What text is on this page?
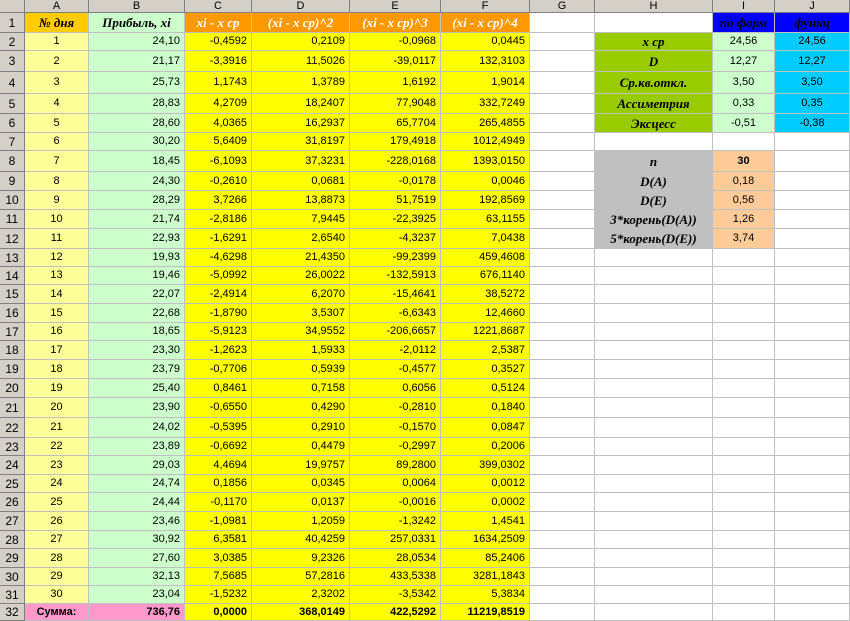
A	B	C	D	E	F	G	H	I	J
1
2
3
4
5
6
7
8
9
10
11
12
13
14
15
16
17
18
19
20
21
22
23
24
25
26
27
28
29
30
31
32
№ дня	Прибыль, xi	xi - x ср	(xi - x ср)^2	(xi - x ср)^3	(xi - x ср)^4	по форм	функц
1	24,10	-0,4592	0,2109	-0,0968	0,0445
2	21,17	-3,3916	11,5026	-39,0117	132,3103
3	25,73	1,1743	1,3789	1,6192	1,9014
4	28,83	4,2709	18,2407	77,9048	332,7249
5	28,60	4,0365	16,2937	65,7704	265,4855
6	30,20	5,6409	31,8197	179,4918	1012,4949
7	18,45	-6,1093	37,3231	-228,0168	1393,0150
8	24,30	-0,2610	0,0681	-0,0178	0,0046
9	28,29	3,7266	13,8873	51,7519	192,8569
10	21,74	-2,8186	7,9445	-22,3925	63,1155
11	22,93	-1,6291	2,6540	-4,3237	7,0438
12	19,93	-4,6298	21,4350	-99,2399	459,4608
13	19,46	-5,0992	26,0022	-132,5913	676,1140
14	22,07	-2,4914	6,2070	-15,4641	38,5272
15	22,68	-1,8790	3,5307	-6,6343	12,4660
16	18,65	-5,9123	34,9552	-206,6657	1221,8687
17	23,30	-1,2623	1,5933	-2,0112	2,5387
18	23,79	-0,7706	0,5939	-0,4577	0,3527
19	25,40	0,8461	0,7158	0,6056	0,5124
20	23,90	-0,6550	0,4290	-0,2810	0,1840
21	24,02	-0,5395	0,2910	-0,1570	0,0847
22	23,89	-0,6692	0,4479	-0,2997	0,2006
23	29,03	4,4694	19,9757	89,2800	399,0302
24	24,74	0,1856	0,0345	0,0064	0,0012
25	24,44	-0,1170	0,0137	-0,0016	0,0002
26	23,46	-1,0981	1,2059	-1,3242	1,4541
27	30,92	6,3581	40,4259	257,0331	1634,2509
28	27,60	3,0385	9,2326	28,0534	85,2406
29	32,13	7,5685	57,2816	433,5338	3281,1843
30	23,04	-1,5232	2,3202	-3,5342	5,3834
Сумма:	736,76	0,0000	368,0149	422,5292	11219,8519
x ср	24,56	24,56
D	12,27	12,27
Ср.кв.откл.	3,50	3,50
Ассиметрия	0,33	0,35
Эксцесс	-0,51	-0,38
n	30
D(A)	0,18
D(E)	0,56
3*корень(D(A))	1,26
5*корень(D(E))	3,74
